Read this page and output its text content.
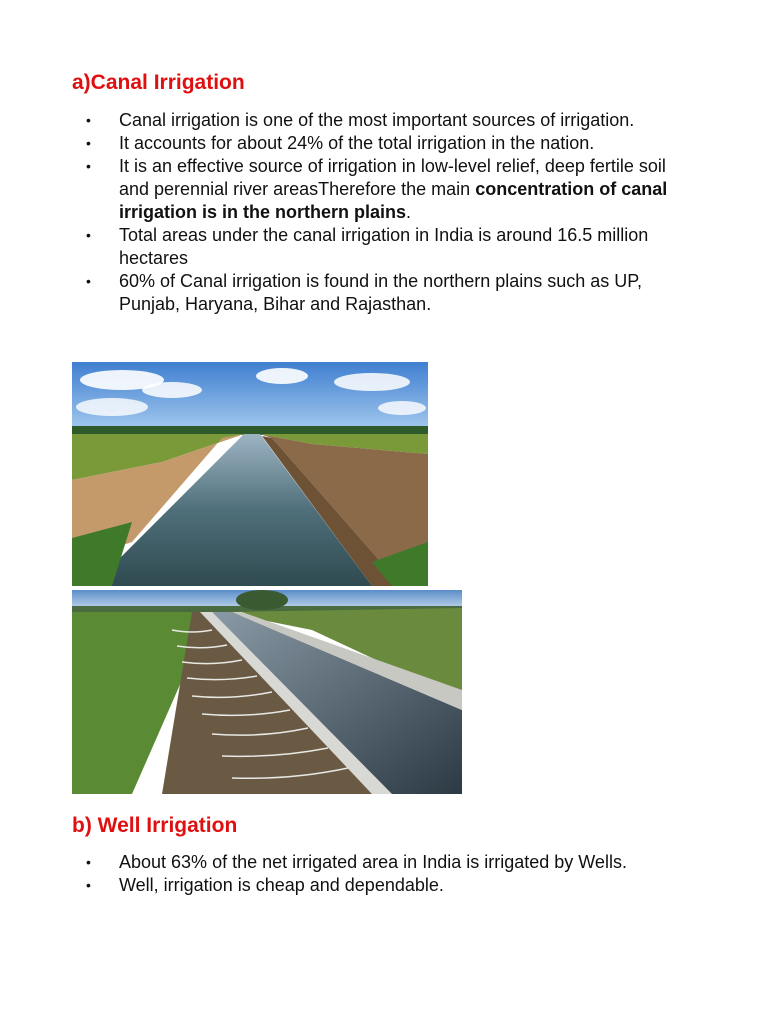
a)Canal Irrigation
•	Canal irrigation is one of the most important sources of irrigation.
•	It accounts for about 24% of the total irrigation in the nation.
•	It is an effective source of irrigation in low-level relief, deep fertile soil and perennial river areasTherefore the main concentration of canal irrigation is in the northern plains.
•	Total areas under the canal irrigation in India is around 16.5 million hectares
•	60% of Canal irrigation is found in the northern plains such as UP, Punjab, Haryana, Bihar and Rajasthan.
b) Well Irrigation
•	About 63% of the net irrigated area in India is irrigated by Wells.
•	Well, irrigation is cheap and dependable.
